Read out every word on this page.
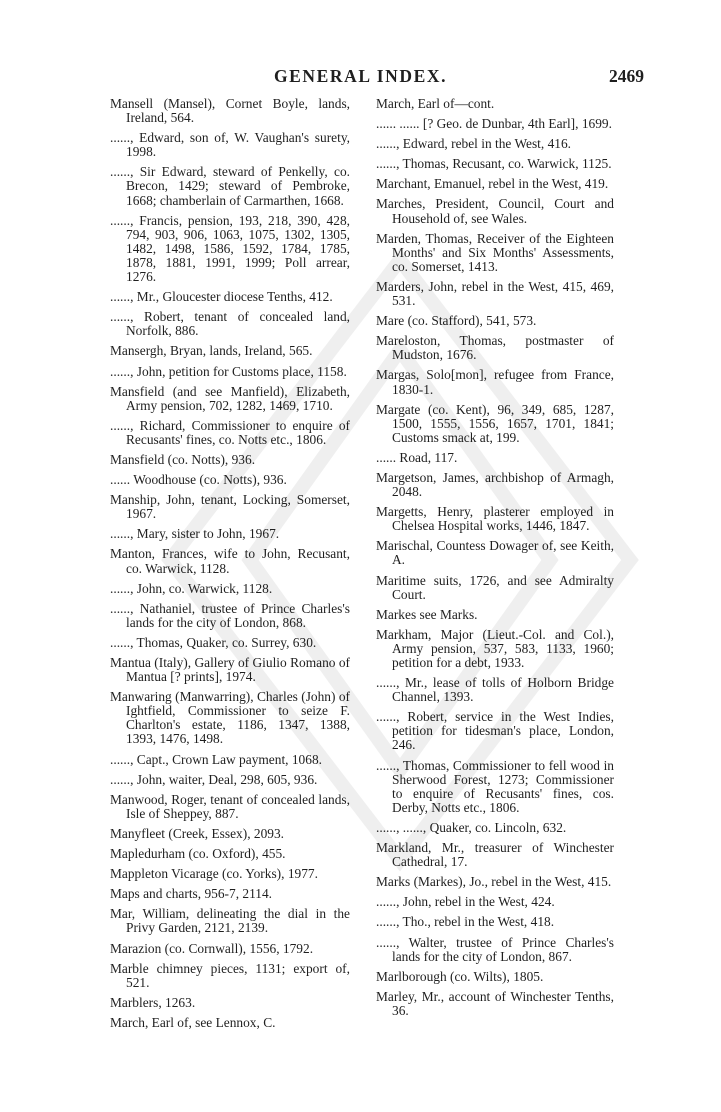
GENERAL INDEX.	2469
Mansell (Mansel), Cornet Boyle, lands, Ireland, 564.
......, Edward, son of, W. Vaughan's surety, 1998.
......, Sir Edward, steward of Penkelly, co. Brecon, 1429; steward of Pembroke, 1668; chamberlain of Carmarthen, 1668.
......, Francis, pension, 193, 218, 390, 428, 794, 903, 906, 1063, 1075, 1302, 1305, 1482, 1498, 1586, 1592, 1784, 1785, 1878, 1881, 1991, 1999; Poll arrear, 1276.
......, Mr., Gloucester diocese Tenths, 412.
......, Robert, tenant of concealed land, Norfolk, 886.
Mansergh, Bryan, lands, Ireland, 565.
......, John, petition for Customs place, 1158.
Mansfield (and see Manfield), Elizabeth, Army pension, 702, 1282, 1469, 1710.
......, Richard, Commissioner to enquire of Recusants' fines, co. Notts etc., 1806.
Mansfield (co. Notts), 936.
...... Woodhouse (co. Notts), 936.
Manship, John, tenant, Locking, Somerset, 1967.
......, Mary, sister to John, 1967.
Manton, Frances, wife to John, Recusant, co. Warwick, 1128.
......, John, co. Warwick, 1128.
......, Nathaniel, trustee of Prince Charles's lands for the city of London, 868.
......, Thomas, Quaker, co. Surrey, 630.
Mantua (Italy), Gallery of Giulio Romano of Mantua [? prints], 1974.
Manwaring (Manwarring), Charles (John) of Ightfield, Commissioner to seize F. Charlton's estate, 1186, 1347, 1388, 1393, 1476, 1498.
......, Capt., Crown Law payment, 1068.
......, John, waiter, Deal, 298, 605, 936.
Manwood, Roger, tenant of concealed lands, Isle of Sheppey, 887.
Manyfleet (Creek, Essex), 2093.
Mapledurham (co. Oxford), 455.
Mappleton Vicarage (co. Yorks), 1977.
Maps and charts, 956-7, 2114.
Mar, William, delineating the dial in the Privy Garden, 2121, 2139.
Marazion (co. Cornwall), 1556, 1792.
Marble chimney pieces, 1131; export of, 521.
Marblers, 1263.
March, Earl of, see Lennox, C.
March, Earl of—cont.
...... ...... [? Geo. de Dunbar, 4th Earl], 1699.
......, Edward, rebel in the West, 416.
......, Thomas, Recusant, co. Warwick, 1125.
Marchant, Emanuel, rebel in the West, 419.
Marches, President, Council, Court and Household of, see Wales.
Marden, Thomas, Receiver of the Eighteen Months' and Six Months' Assessments, co. Somerset, 1413.
Marders, John, rebel in the West, 415, 469, 531.
Mare (co. Stafford), 541, 573.
Mareloston, Thomas, postmaster of Mudston, 1676.
Margas, Solo[mon], refugee from France, 1830-1.
Margate (co. Kent), 96, 349, 685, 1287, 1500, 1555, 1556, 1657, 1701, 1841; Customs smack at, 199.
...... Road, 117.
Margetson, James, archbishop of Armagh, 2048.
Margetts, Henry, plasterer employed in Chelsea Hospital works, 1446, 1847.
Marischal, Countess Dowager of, see Keith, A.
Maritime suits, 1726, and see Admiralty Court.
Markes see Marks.
Markham, Major (Lieut.-Col. and Col.), Army pension, 537, 583, 1133, 1960; petition for a debt, 1933.
......, Mr., lease of tolls of Holborn Bridge Channel, 1393.
......, Robert, service in the West Indies, petition for tidesman's place, London, 246.
......, Thomas, Commissioner to fell wood in Sherwood Forest, 1273; Commissioner to enquire of Recusants' fines, cos. Derby, Notts etc., 1806.
......, ......, Quaker, co. Lincoln, 632.
Markland, Mr., treasurer of Winchester Cathedral, 17.
Marks (Markes), Jo., rebel in the West, 415.
......, John, rebel in the West, 424.
......, Tho., rebel in the West, 418.
......, Walter, trustee of Prince Charles's lands for the city of London, 867.
Marlborough (co. Wilts), 1805.
Marley, Mr., account of Winchester Tenths, 36.
